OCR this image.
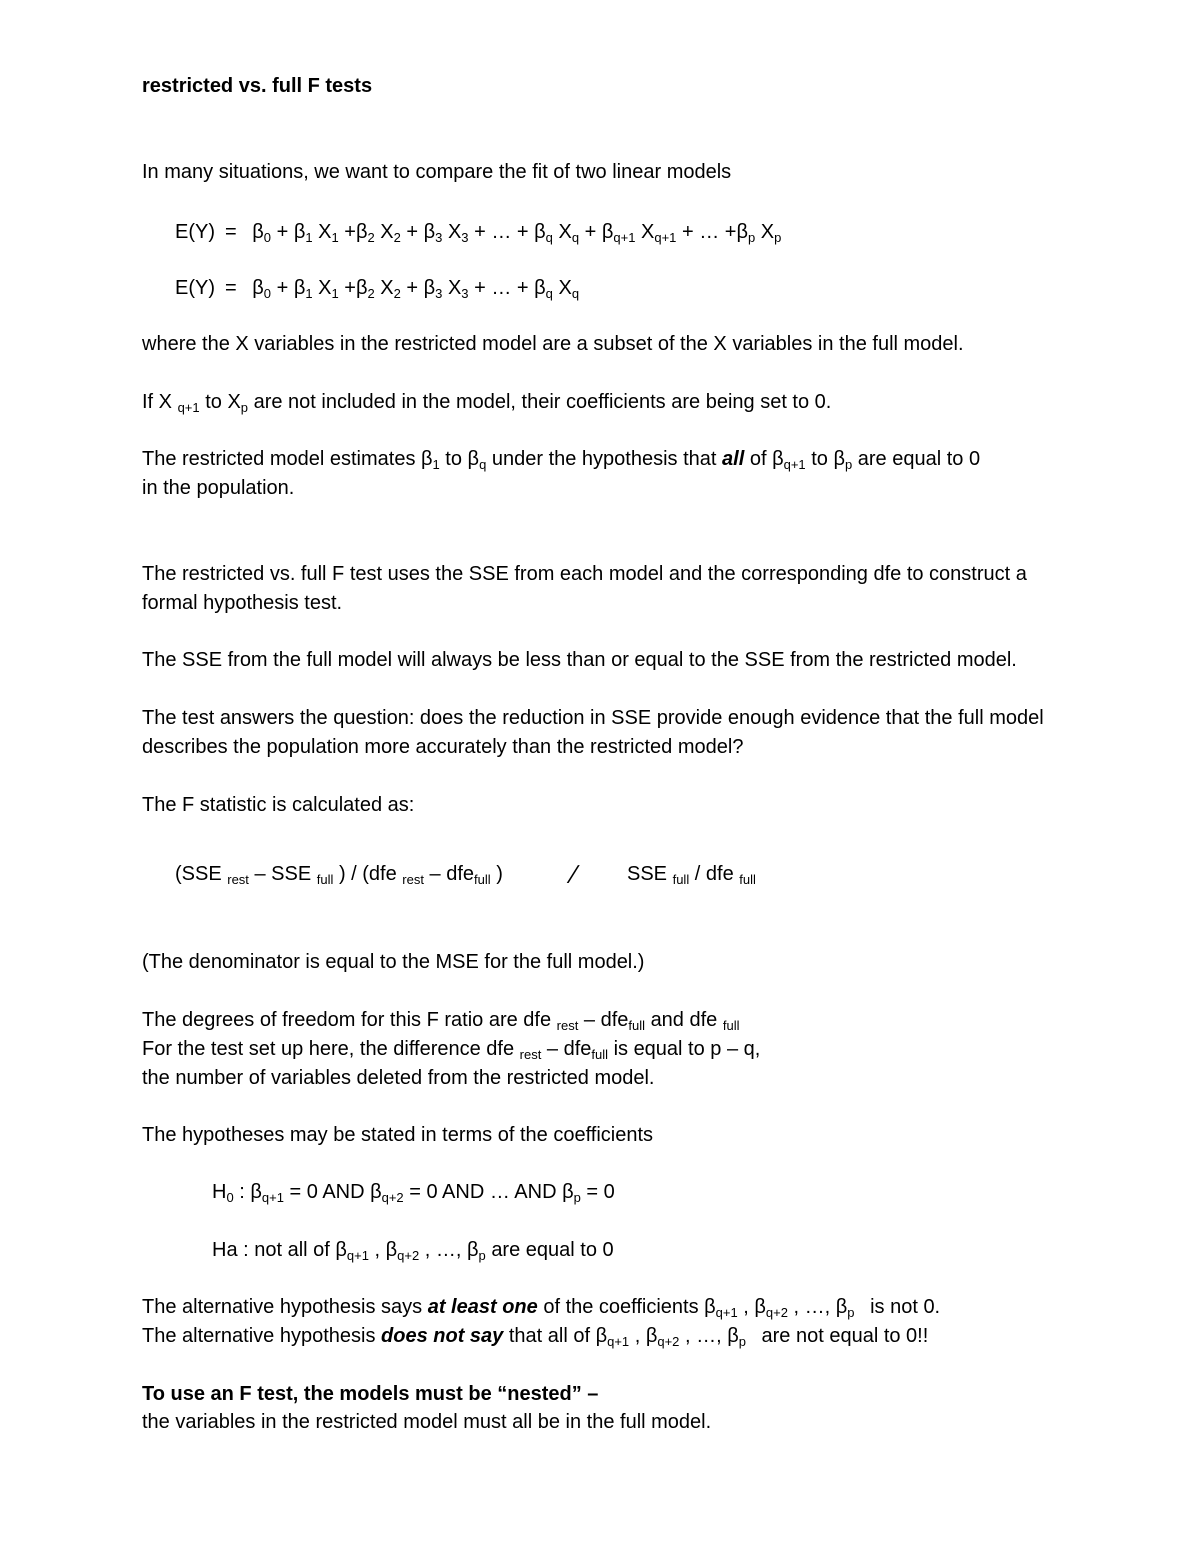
restricted vs. full F tests
In many situations, we want to compare the fit of two linear models
$E(Y) = \beta_0 + \beta_1$ $X_1 +\beta_2$ $X_2 + \beta_3$ $X_3$ + … + $\beta_q$ $X_q + \beta_{q+1}$ $X_{q+1}$ + … $+\beta_p$ $X_p$
$E(Y) = \beta_0 + \beta_1$ $X_1 +\beta_2$ $X_2 + \beta_3$ $X_3$ + … + $\beta_q$ $X_q$
where the X variables in the restricted model are a subset of the X variables in the full model.
If X $_{q+1}$ to $X_p$ are not included in the model, their coefficients are being set to 0.
The restricted model estimates $\beta_1$ to $\beta_q$ under the hypothesis that all of $\beta_{q+1}$ to $\beta_p$ are equal to 0
in the population.
The restricted vs. full F test uses the SSE from each model and the corresponding dfe to construct a
formal hypothesis test.
The SSE from the full model will always be less than or equal to the SSE from the restricted model.
The test answers the question: does the reduction in SSE provide enough evidence that the full model
describes the population more accurately than the restricted model?
The F statistic is calculated as:
(SSE $_{rest}$ – SSE $_{full}$ ) / (dfe $_{rest}$ – dfe$_{full}$ )	∕	SSE $_{full}$ / dfe $_{full}$
(The denominator is equal to the MSE for the full model.)
The degrees of freedom for this F ratio are dfe $_{rest}$ – dfe$_{full}$ and dfe $_{full}$
For the test set up here, the difference dfe $_{rest}$ – dfe$_{full}$ is equal to p – q,
the number of variables deleted from the restricted model.
The hypotheses may be stated in terms of the coefficients
$H_0$ : $\beta_{q+1} = 0$ AND $\beta_{q+2} = 0$ AND … AND $\beta_p = 0$
Ha : not all of $\beta_{q+1}$ , $\beta_{q+2}$ , …, $\beta_p$ are equal to 0
The alternative hypothesis says at least one of the coefficients $\beta_{q+1}$ , $\beta_{q+2}$ , …, $\beta_p$ is not 0.
The alternative hypothesis does not say that all of $\beta_{q+1}$ , $\beta_{q+2}$ , …, $\beta_p$ are not equal to 0!!
To use an F test, the models must be “nested” –
the variables in the restricted model must all be in the full model.
